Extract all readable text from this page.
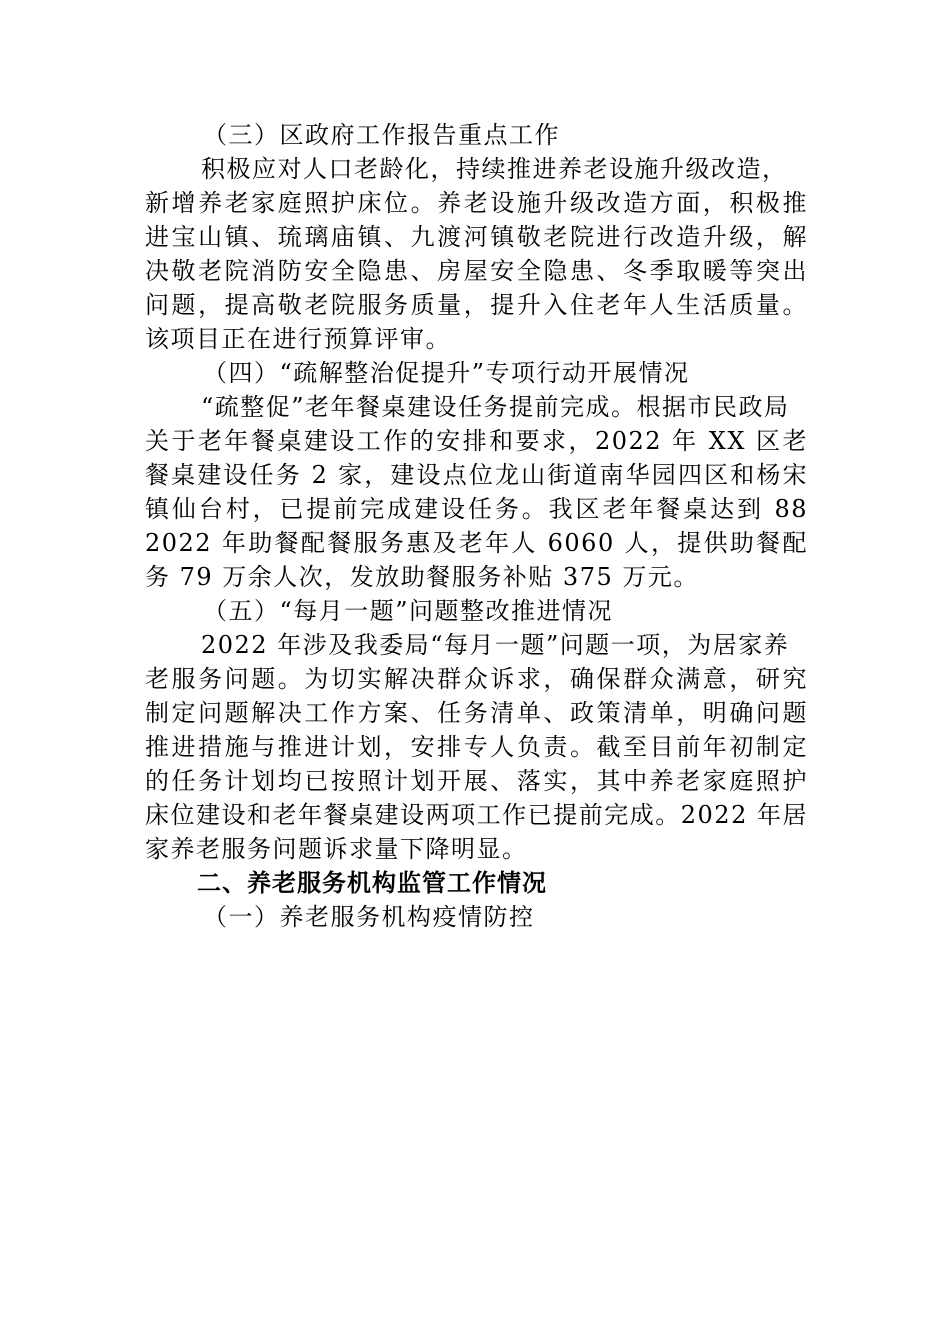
（三）区政府工作报告重点工作
积极应对人口老龄化，持续推进养老设施升级改造，
新增养老家庭照护床位。养老设施升级改造方面，积极推
进宝山镇、琉璃庙镇、九渡河镇敬老院进行改造升级，解
决敬老院消防安全隐患、房屋安全隐患、冬季取暖等突出
问题，提高敬老院服务质量，提升入住老年人生活质量。
该项目正在进行预算评审。
（四）“疏解整治促提升”专项行动开展情况
“疏整促”老年餐桌建设任务提前完成。根据市民政局
关于老年餐桌建设工作的安排和要求，2022 年 XX 区老
餐桌建设任务 2 家，建设点位龙山街道南华园四区和杨宋
镇仙台村，已提前完成建设任务。我区老年餐桌达到 88
2022 年助餐配餐服务惠及老年人 6060 人，提供助餐配
务 79 万余人次，发放助餐服务补贴 375 万元。
（五）“每月一题”问题整改推进情况
2022 年涉及我委局“每月一题”问题一项，为居家养
老服务问题。为切实解决群众诉求，确保群众满意，研究
制定问题解决工作方案、任务清单、政策清单，明确问题
推进措施与推进计划，安排专人负责。截至目前年初制定
的任务计划均已按照计划开展、落实，其中养老家庭照护
床位建设和老年餐桌建设两项工作已提前完成。2022 年居
家养老服务问题诉求量下降明显。
二、养老服务机构监管工作情况
（一）养老服务机构疫情防控
